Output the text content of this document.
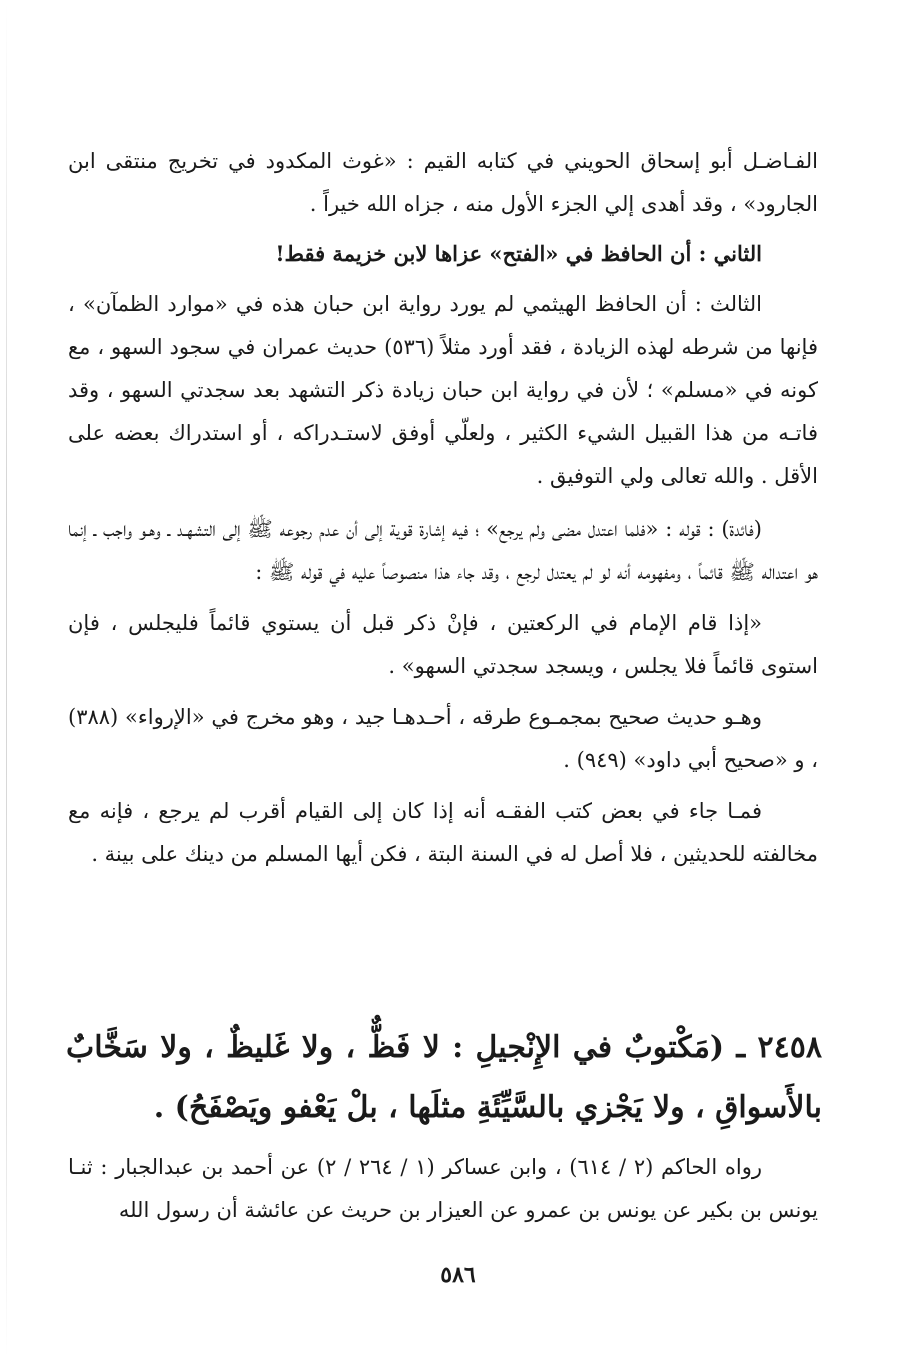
الفـاضـل أبو إسحاق الحويني في كتابه القيم : «غوث المكدود في تخريج منتقى ابن الجارود» ، وقد أهدى إلي الجزء الأول منه ، جزاه الله خيراً .

الثاني : أن الحافظ في «الفتح» عزاها لابن خزيمة فقط!

الثالث : أن الحافظ الهيثمي لم يورد رواية ابن حبان هذه في «موارد الظمآن» ، فإنها من شرطه لهذه الزيادة ، فقد أورد مثلاً (٥٣٦) حديث عمران في سجود السهو ، مع كونه في «مسلم» ؛ لأن في رواية ابن حبان زيادة ذكر التشهد بعد سجدتي السهو ، وقد فاتـه من هذا القبيل الشيء الكثير ، ولعلّي أوفق لاستـدراكه ، أو استدراك بعضه على الأقل . والله تعالى ولي التوفيق .

(فائدة) : قوله : «فلما اعتدل مضى ولم يرجع» ؛ فيه إشارة قوية إلى أن عدم رجوعه ﷺ إلى التشهـد ـ وهـو واجب ـ إنما هو اعتداله ﷺ قائماً ، ومفهومه أنه لو لم يعتدل لرجع ، وقد جاء هذا منصوصاً عليه في قوله ﷺ :

«إذا قام الإمام في الركعتين ، فإنْ ذكر قبل أن يستوي قائماً فليجلس ، فإن استوى قائماً فلا يجلس ، ويسجد سجدتي السهو» .

وهـو حديث صحيح بمجمـوع طرقه ، أحـدهـا جيد ، وهو مخرج في «الإرواء» (٣٨٨) ، و «صحيح أبي داود» (٩٤٩) .

فمـا جاء في بعض كتب الفقـه أنه إذا كان إلى القيام أقرب لم يرجع ، فإنه مع مخالفته للحديثين ، فلا أصل له في السنة البتة ، فكن أيها المسلم من دينك على بينة .

٢٤٥٨ ـ (مَكْتوبٌ في الإِنْجيلِ : لا فَظٌّ ، ولا غَليظٌ ، ولا سَخَّابٌ بالأَسواقِ ، ولا يَجْزي بالسَّيِّئَةِ مثلَها ، بلْ يَعْفو ويَصْفَحُ) .

رواه الحاكم (٢ / ٦١٤) ، وابن عساكر (١ / ٢٦٤ / ٢) عن أحمد بن عبدالجبار : ثنـا يونس بن بكير عن يونس بن عمرو عن العيزار بن حريث عن عائشة أن رسول الله

٥٨٦
